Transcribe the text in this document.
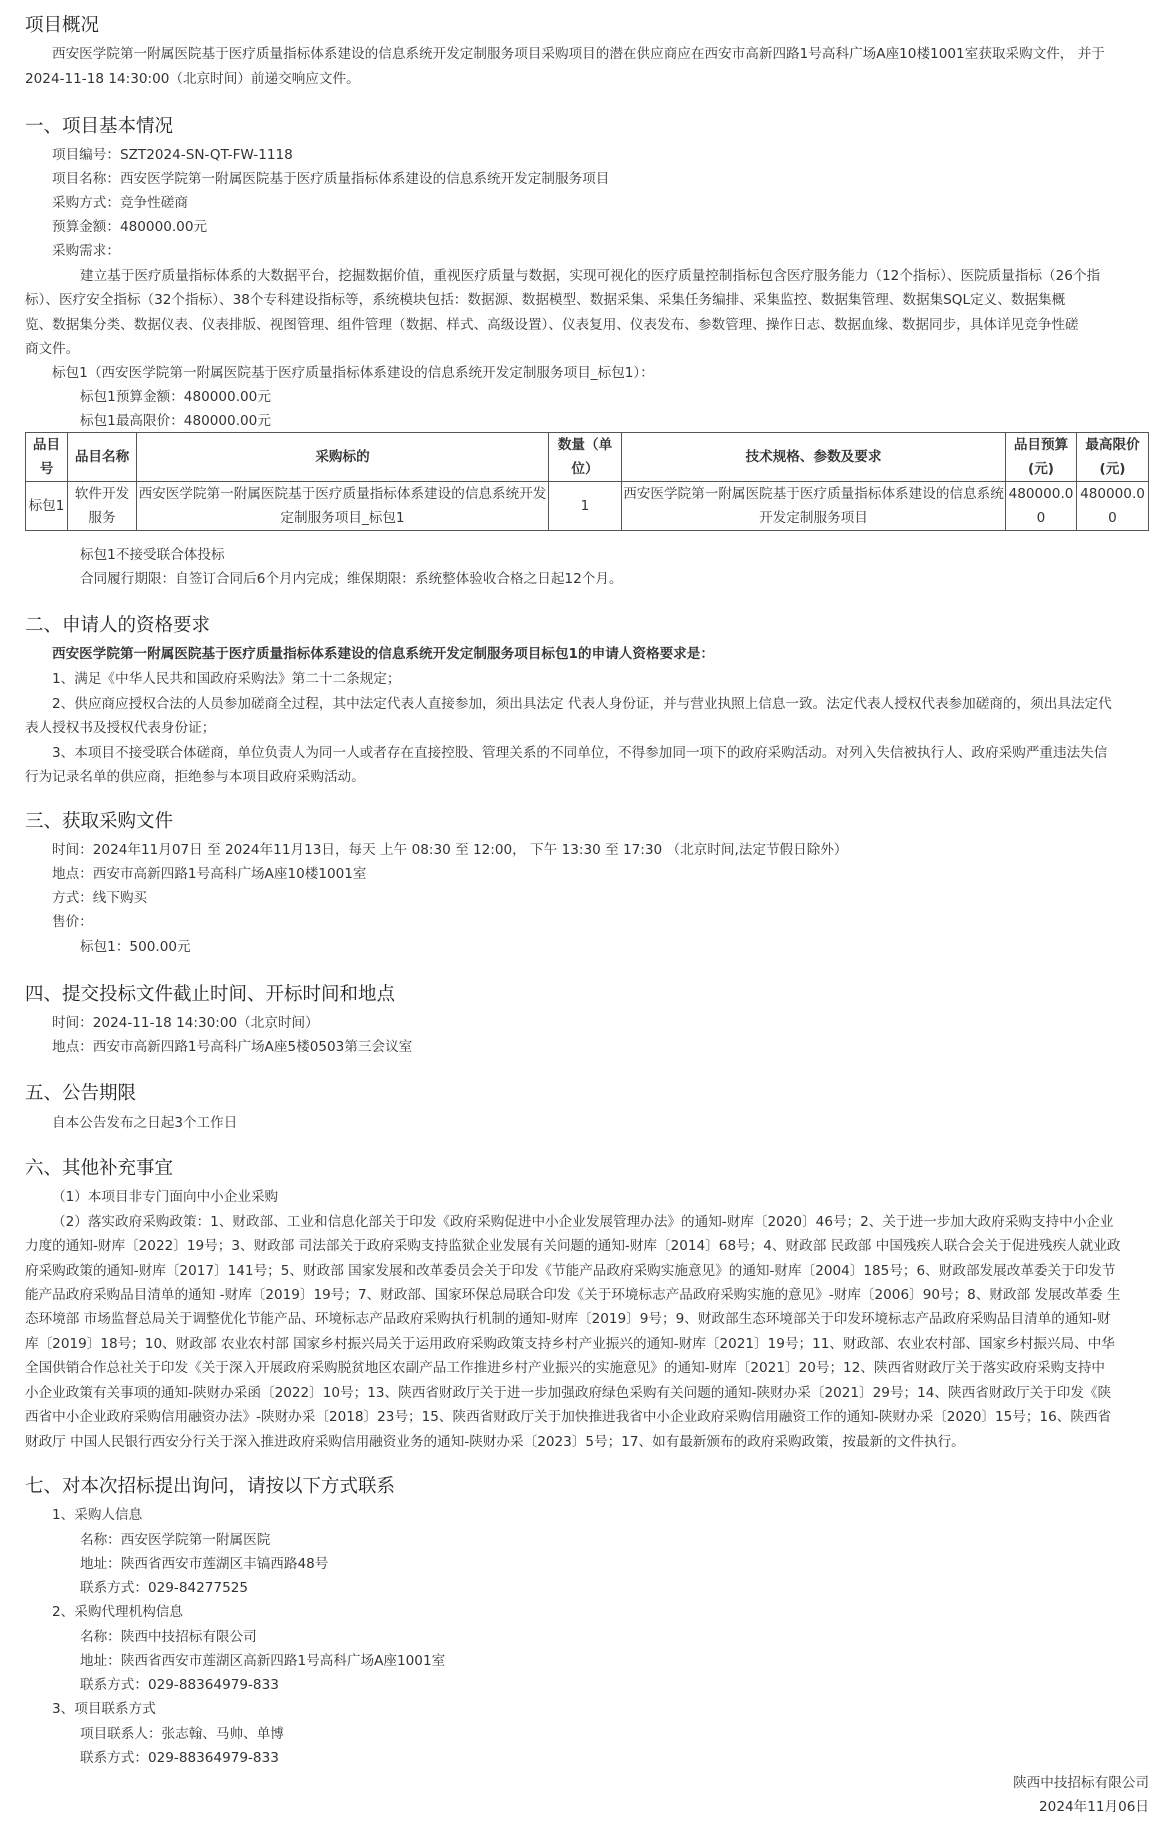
项目概况
西安医学院第一附属医院基于医疗质量指标体系建设的信息系统开发定制服务项目采购项目的潜在供应商应在西安市高新四路1号高科广场A座10楼1001室获取采购文件， 并于
2024-11-18 14:30:00（北京时间）前递交响应文件。
一、项目基本情况
项目编号：SZT2024-SN-QT-FW-1118
项目名称：西安医学院第一附属医院基于医疗质量指标体系建设的信息系统开发定制服务项目
采购方式：竞争性磋商
预算金额：480000.00元
采购需求：
建立基于医疗质量指标体系的大数据平台，挖掘数据价值，重视医疗质量与数据，实现可视化的医疗质量控制指标包含医疗服务能力（12个指标）、医院质量指标（26个指
标）、医疗安全指标（32个指标）、38个专科建设指标等，系统模块包括：数据源、数据模型、数据采集、采集任务编排、采集监控、数据集管理、数据集SQL定义、数据集概
览、数据集分类、数据仪表、仪表排版、视图管理、组件管理（数据、样式、高级设置）、仪表复用、仪表发布、参数管理、操作日志、数据血缘、数据同步，具体详见竞争性磋
商文件。
标包1（西安医学院第一附属医院基于医疗质量指标体系建设的信息系统开发定制服务项目_标包1）：
标包1预算金额：480000.00元
标包1最高限价：480000.00元
品目号	品目名称	采购标的	数量（单位）	技术规格、参数及要求	品目预算(元)	最高限价(元)
标包1	软件开发服务	西安医学院第一附属医院基于医疗质量指标体系建设的信息系统开发定制服务项目_标包1	1	西安医学院第一附属医院基于医疗质量指标体系建设的信息系统开发定制服务项目	480000.00	480000.00
标包1不接受联合体投标
合同履行期限：自签订合同后6个月内完成；维保期限：系统整体验收合格之日起12个月。
二、申请人的资格要求
西安医学院第一附属医院基于医疗质量指标体系建设的信息系统开发定制服务项目标包1的申请人资格要求是：
1、满足《中华人民共和国政府采购法》第二十二条规定；
2、供应商应授权合法的人员参加磋商全过程，其中法定代表人直接参加，须出具法定 代表人身份证，并与营业执照上信息一致。法定代表人授权代表参加磋商的，须出具法定代
表人授权书及授权代表身份证；
3、本项目不接受联合体磋商，单位负责人为同一人或者存在直接控股、管理关系的不同单位，不得参加同一项下的政府采购活动。对列入失信被执行人、政府采购严重违法失信
行为记录名单的供应商，拒绝参与本项目政府采购活动。
三、获取采购文件
时间：2024年11月07日 至 2024年11月13日，每天 上午 08:30 至 12:00， 下午 13:30 至 17:30 （北京时间,法定节假日除外）
地点：西安市高新四路1号高科广场A座10楼1001室
方式：线下购买
售价：
标包1：500.00元
四、提交投标文件截止时间、开标时间和地点
时间：2024-11-18 14:30:00（北京时间）
地点：西安市高新四路1号高科广场A座5楼0503第三会议室
五、公告期限
自本公告发布之日起3个工作日
六、其他补充事宜
（1）本项目非专门面向中小企业采购
（2）落实政府采购政策：1、财政部、工业和信息化部关于印发《政府采购促进中小企业发展管理办法》的通知-财库〔2020〕46号；2、关于进一步加大政府采购支持中小企业
力度的通知-财库〔2022〕19号；3、财政部 司法部关于政府采购支持监狱企业发展有关问题的通知-财库〔2014〕68号；4、财政部 民政部 中国残疾人联合会关于促进残疾人就业政
府采购政策的通知-财库〔2017〕141号；5、财政部 国家发展和改革委员会关于印发《节能产品政府采购实施意见》的通知-财库〔2004〕185号；6、财政部发展改革委关于印发节
能产品政府采购品目清单的通知 -财库〔2019〕19号；7、财政部、国家环保总局联合印发《关于环境标志产品政府采购实施的意见》-财库〔2006〕90号；8、财政部 发展改革委 生
态环境部 市场监督总局关于调整优化节能产品、环境标志产品政府采购执行机制的通知-财库〔2019〕9号；9、财政部生态环境部关于印发环境标志产品政府采购品目清单的通知-财
库〔2019〕18号；10、财政部 农业农村部 国家乡村振兴局关于运用政府采购政策支持乡村产业振兴的通知-财库〔2021〕19号；11、财政部、农业农村部、国家乡村振兴局、中华
全国供销合作总社关于印发《关于深入开展政府采购脱贫地区农副产品工作推进乡村产业振兴的实施意见》的通知-财库〔2021〕20号；12、陕西省财政厅关于落实政府采购支持中
小企业政策有关事项的通知-陕财办采函〔2022〕10号；13、陕西省财政厅关于进一步加强政府绿色采购有关问题的通知-陕财办采〔2021〕29号；14、陕西省财政厅关于印发《陕
西省中小企业政府采购信用融资办法》-陕财办采〔2018〕23号；15、陕西省财政厅关于加快推进我省中小企业政府采购信用融资工作的通知-陕财办采〔2020〕15号；16、陕西省
财政厅 中国人民银行西安分行关于深入推进政府采购信用融资业务的通知-陕财办采〔2023〕5号；17、如有最新颁布的政府采购政策，按最新的文件执行。
七、对本次招标提出询问，请按以下方式联系
1、采购人信息
名称：西安医学院第一附属医院
地址：陕西省西安市莲湖区丰镐西路48号
联系方式：029-84277525
2、采购代理机构信息
名称：陕西中技招标有限公司
地址：陕西省西安市莲湖区高新四路1号高科广场A座1001室
联系方式：029-88364979-833
3、项目联系方式
项目联系人：张志翰、马帅、单博
联系方式：029-88364979-833
陕西中技招标有限公司
2024年11月06日
